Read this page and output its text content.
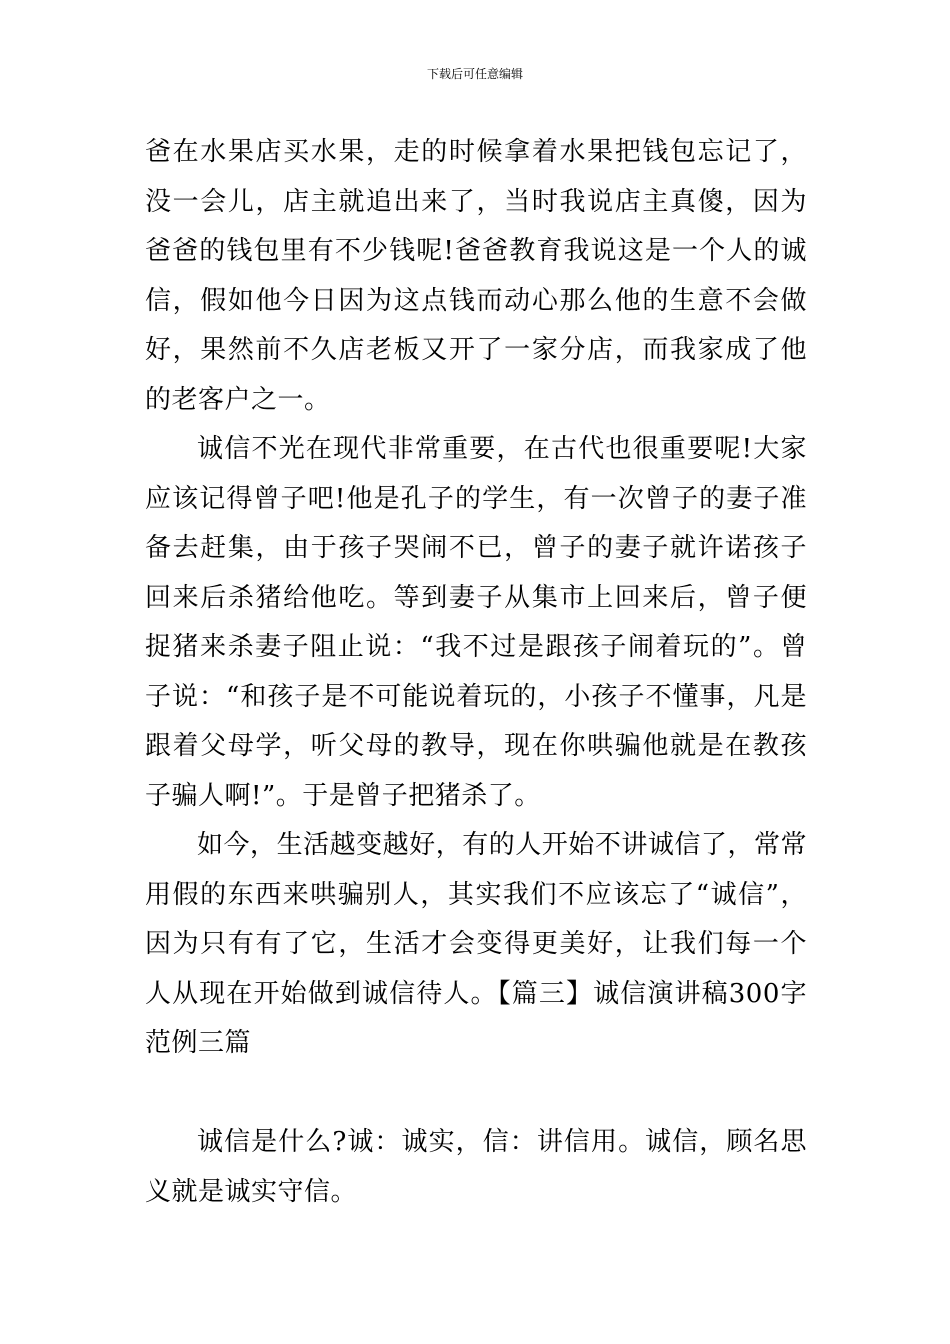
下载后可任意编辑

爸在水果店买水果，走的时候拿着水果把钱包忘记了，没一会儿，店主就追出来了，当时我说店主真傻，因为爸爸的钱包里有不少钱呢!爸爸教育我说这是一个人的诚信，假如他今日因为这点钱而动心那么他的生意不会做好，果然前不久店老板又开了一家分店，而我家成了他的老客户之一。

诚信不光在现代非常重要，在古代也很重要呢!大家应该记得曾子吧!他是孔子的学生，有一次曾子的妻子准备去赶集，由于孩子哭闹不已，曾子的妻子就许诺孩子回来后杀猪给他吃。等到妻子从集市上回来后，曾子便捉猪来杀妻子阻止说：“我不过是跟孩子闹着玩的”。曾子说：“和孩子是不可能说着玩的，小孩子不懂事，凡是跟着父母学，听父母的教导，现在你哄骗他就是在教孩子骗人啊!”。于是曾子把猪杀了。

如今，生活越变越好，有的人开始不讲诚信了，常常用假的东西来哄骗别人，其实我们不应该忘了“诚信”，因为只有有了它，生活才会变得更美好，让我们每一个人从现在开始做到诚信待人。【篇三】诚信演讲稿300字范例三篇

诚信是什么?诚：诚实，信：讲信用。诚信，顾名思义就是诚实守信。
